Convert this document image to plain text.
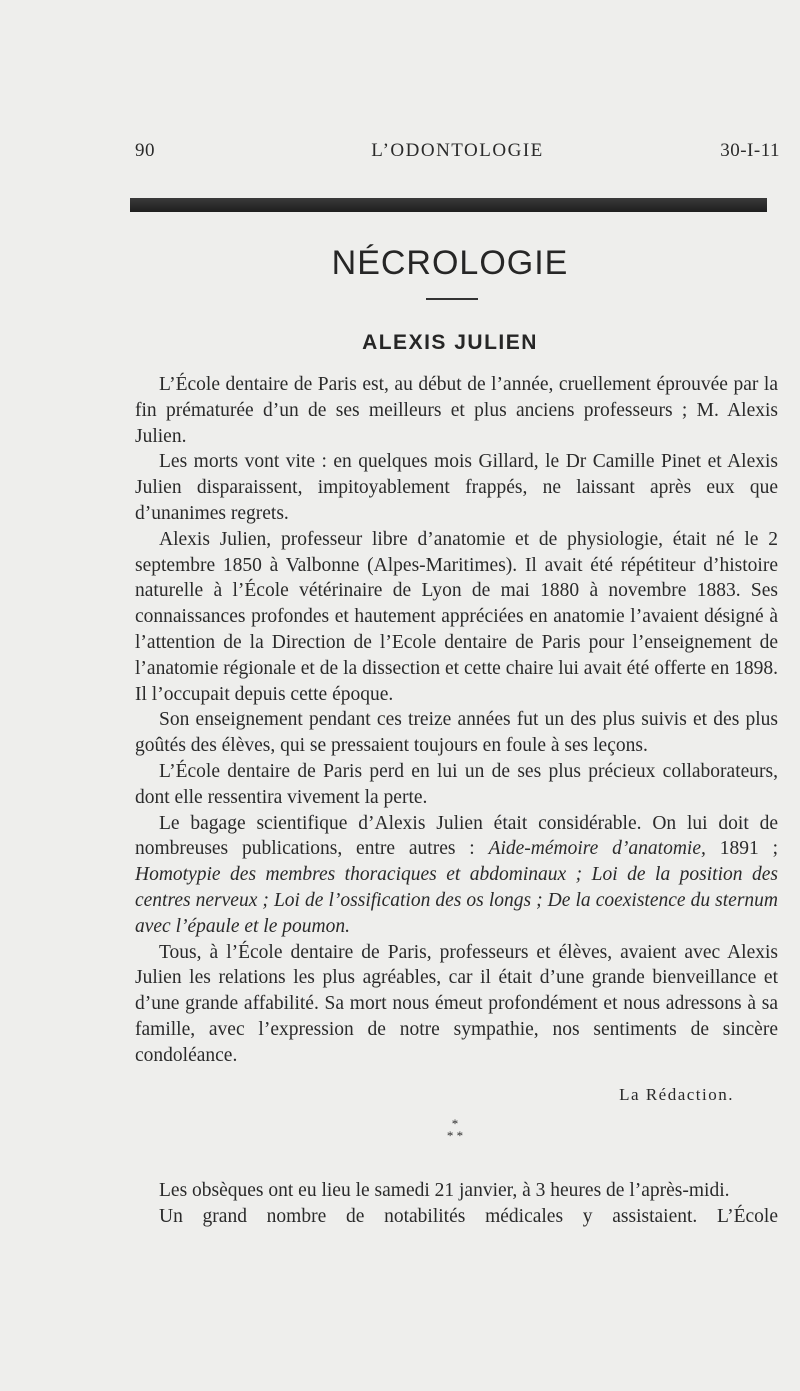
90	L’ODONTOLOGIE	30-I-11
NÉCROLOGIE
ALEXIS JULIEN

L’École dentaire de Paris est, au début de l’année, cruellement éprouvée par la fin prématurée d’un de ses meilleurs et plus anciens professeurs ; M. Alexis Julien.

Les morts vont vite : en quelques mois Gillard, le Dr Camille Pinet et Alexis Julien disparaissent, impitoyablement frappés, ne laissant après eux que d’unanimes regrets.

Alexis Julien, professeur libre d’anatomie et de physiologie, était né le 2 septembre 1850 à Valbonne (Alpes-Maritimes). Il avait été répétiteur d’histoire naturelle à l’École vétérinaire de Lyon de mai 1880 à novembre 1883. Ses connaissances profondes et hautement appréciées en anatomie l’avaient désigné à l’attention de la Direction de l’Ecole dentaire de Paris pour l’enseignement de l’anatomie régionale et de la dissection et cette chaire lui avait été offerte en 1898. Il l’occupait depuis cette époque.

Son enseignement pendant ces treize années fut un des plus suivis et des plus goûtés des élèves, qui se pressaient toujours en foule à ses leçons.

L’École dentaire de Paris perd en lui un de ses plus précieux collaborateurs, dont elle ressentira vivement la perte.

Le bagage scientifique d’Alexis Julien était considérable. On lui doit de nombreuses publications, entre autres : Aide-mémoire d’anatomie, 1891 ; Homotypie des membres thoraciques et abdominaux ; Loi de la position des centres nerveux ; Loi de l’ossification des os longs ; De la coexistence du sternum avec l’épaule et le poumon.

Tous, à l’École dentaire de Paris, professeurs et élèves, avaient avec Alexis Julien les relations les plus agréables, car il était d’une grande bienveillance et d’une grande affabilité. Sa mort nous émeut profondément et nous adressons à sa famille, avec l’expression de notre sympathie, nos sentiments de sincère condoléance.

La Rédaction.
*
* *

Les obsèques ont eu lieu le samedi 21 janvier, à 3 heures de l’après-midi.

Un grand nombre de notabilités médicales y assistaient. L’École
